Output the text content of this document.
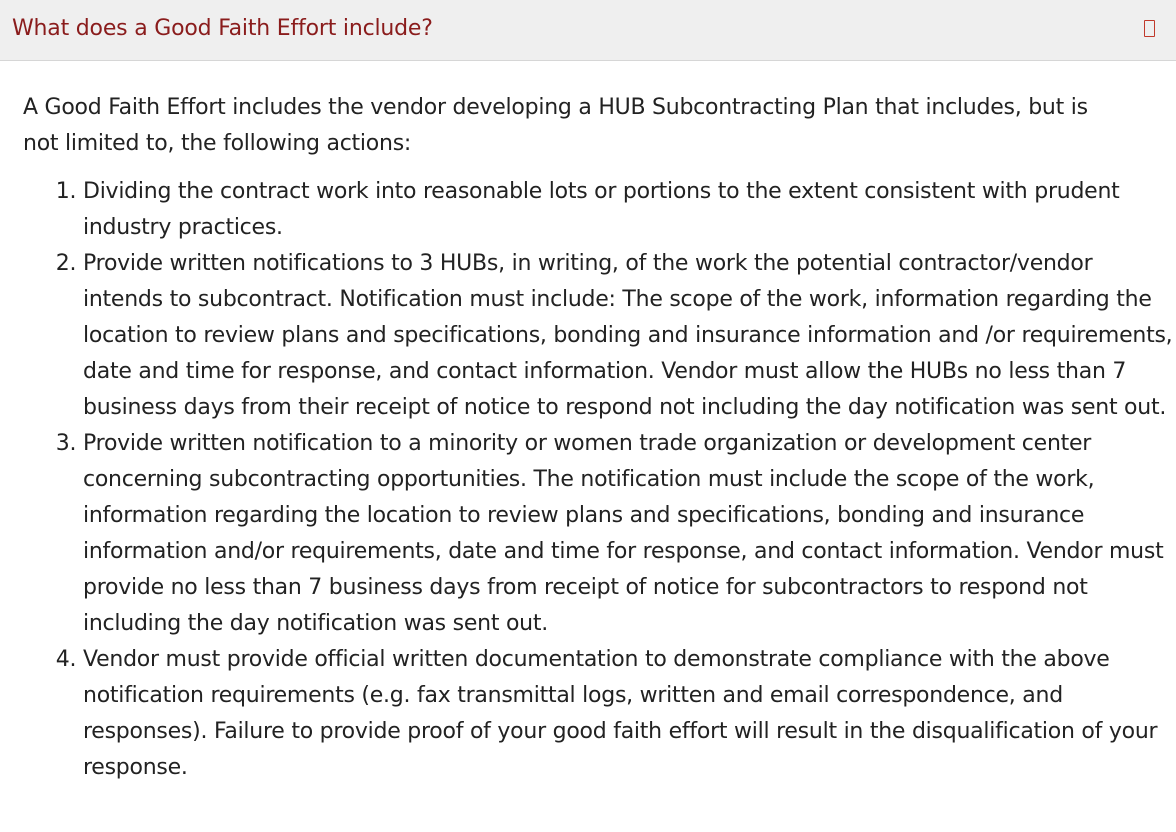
What does a Good Faith Effort include?

A Good Faith Effort includes the vendor developing a HUB Subcontracting Plan that includes, but is not limited to, the following actions:

1. Dividing the contract work into reasonable lots or portions to the extent consistent with prudent industry practices.
2. Provide written notifications to 3 HUBs, in writing, of the work the potential contractor/vendor intends to subcontract. Notification must include: The scope of the work, information regarding the location to review plans and specifications, bonding and insurance information and /or requirements, date and time for response, and contact information. Vendor must allow the HUBs no less than 7 business days from their receipt of notice to respond not including the day notification was sent out.
3. Provide written notification to a minority or women trade organization or development center concerning subcontracting opportunities. The notification must include the scope of the work, information regarding the location to review plans and specifications, bonding and insurance information and/or requirements, date and time for response, and contact information. Vendor must provide no less than 7 business days from receipt of notice for subcontractors to respond not including the day notification was sent out.
4. Vendor must provide official written documentation to demonstrate compliance with the above notification requirements (e.g. fax transmittal logs, written and email correspondence, and responses). Failure to provide proof of your good faith effort will result in the disqualification of your response.
